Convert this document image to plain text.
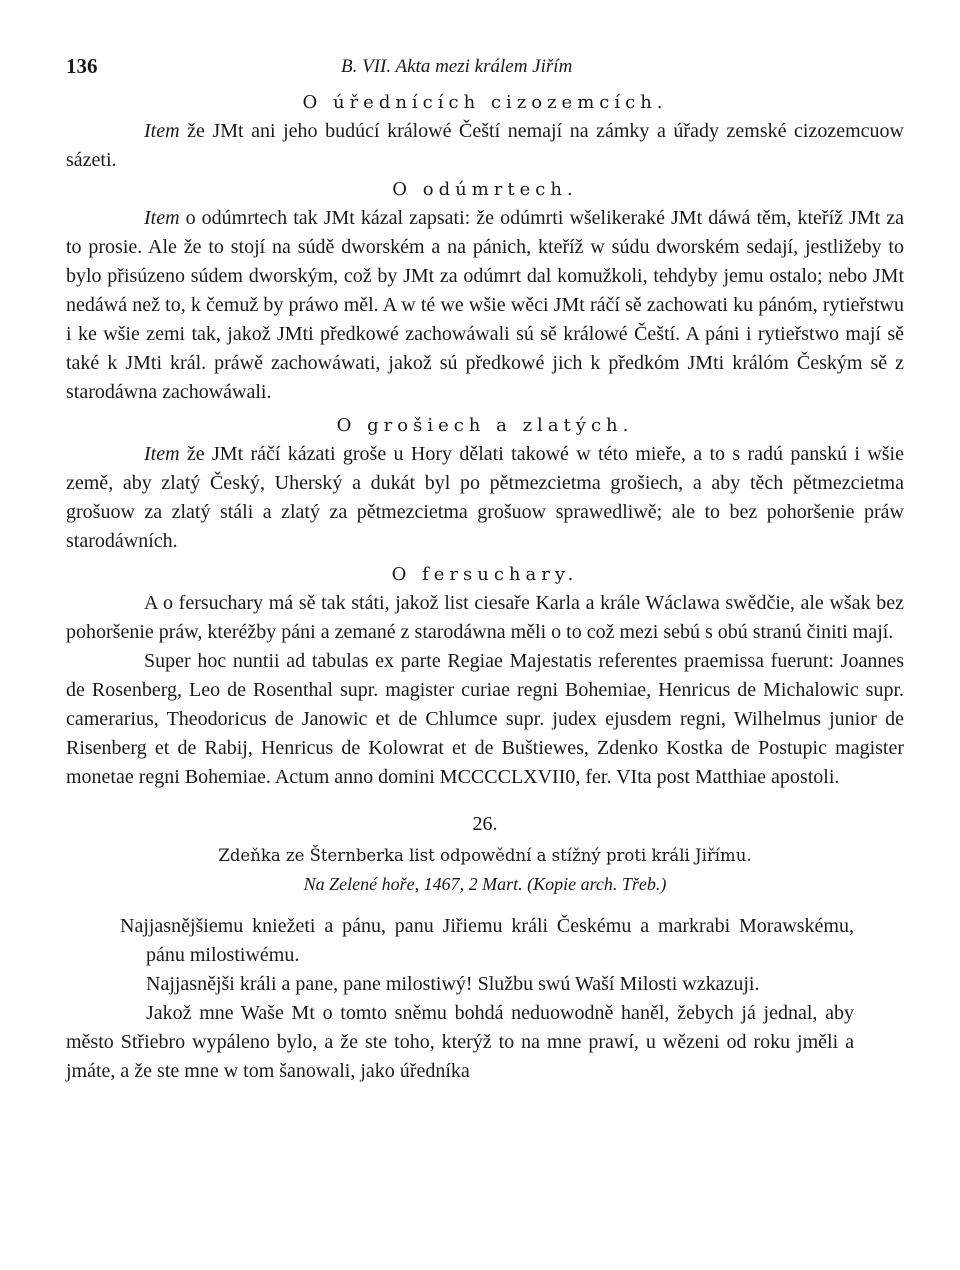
136	B. VII. Akta mezi králem Jiřím
O úřednících cizozemcích.

Item že JMt ani jeho budúcí králowé Čeští nemají na zámky a úřady zemské cizozemcuow sázeti.

O odúmrtech.

Item o odúmrtech tak JMt kázal zapsati: že odúmrti wšelikeraké JMt dáwá těm, kteříž JMt za to prosie. Ale že to stojí na súdě dworském a na pánich, kteříž w súdu dworském sedají, jestližeby to bylo přisúzeno súdem dworským, což by JMt za odúmrt dal komužkoli, tehdyby jemu ostalo; nebo JMt nedáwá než to, k čemuž by práwo měl. A w té we wšie wěci JMt ráčí sě zachowati ku pánóm, rytieřstwu i ke wšie zemi tak, jakož JMti předkowé zachowáwali sú sě králowé Čeští. A páni i rytieřstwo mají sě také k JMti král. práwě zachowáwati, jakož sú předkowé jich k předkóm JMti králóm Českým sě z starodáwna zachowáwali.

O grošiech a zlatých.

Item že JMt ráčí kázati groše u Hory dělati takowé w této mieře, a to s radú panskú i wšie země, aby zlatý Český, Uherský a dukát byl po pětmezcietma grošiech, a aby těch pětmezcietma grošuow za zlatý stáli a zlatý za pětmezcietma grošuow sprawedliwě; ale to bez pohoršenie práw starodáwních.

O fersuchary.

A o fersuchary má sě tak státi, jakož list ciesaře Karla a krále Wáclawa swědčie, ale wšak bez pohoršenie práw, kteréžby páni a zemané z starodáwna měli o to což mezi sebú s obú stranú činiti mají.

Super hoc nuntii ad tabulas ex parte Regiae Majestatis referentes praemissa fuerunt: Joannes de Rosenberg, Leo de Rosenthal supr. magister curiae regni Bohemiae, Henricus de Michalowic supr. camerarius, Theodoricus de Janowic et de Chlumce supr. judex ejusdem regni, Wilhelmus junior de Risenberg et de Rabij, Henricus de Kolowrat et de Buštiewes, Zdenko Kostka de Postupic magister monetae regni Bohemiae. Actum anno domini MCCCCLXVII0, fer. VIta post Matthiae apostoli.

26.
Zdeňka ze Šternberka list odpowědní a stížný proti králi Jiřímu.
Na Zelené hoře, 1467, 2 Mart. (Kopie arch. Třeb.)

Najjasnějšiemu kniežeti a pánu, panu Jiřiemu králi Českému a markrabi Morawskému, pánu milostiwému.

Najjasnějši králi a pane, pane milostiwý! Službu swú Waší Milosti wzkazuji.

Jakož mne Waše Mt o tomto sněmu bohdá neduowodně haněl, žebych já jednal, aby město Střiebro wypáleno bylo, a že ste toho, kterýž to na mne prawí, u wězeni od roku jměli a jmáte, a že ste mne w tom šanowali, jako úředníka
